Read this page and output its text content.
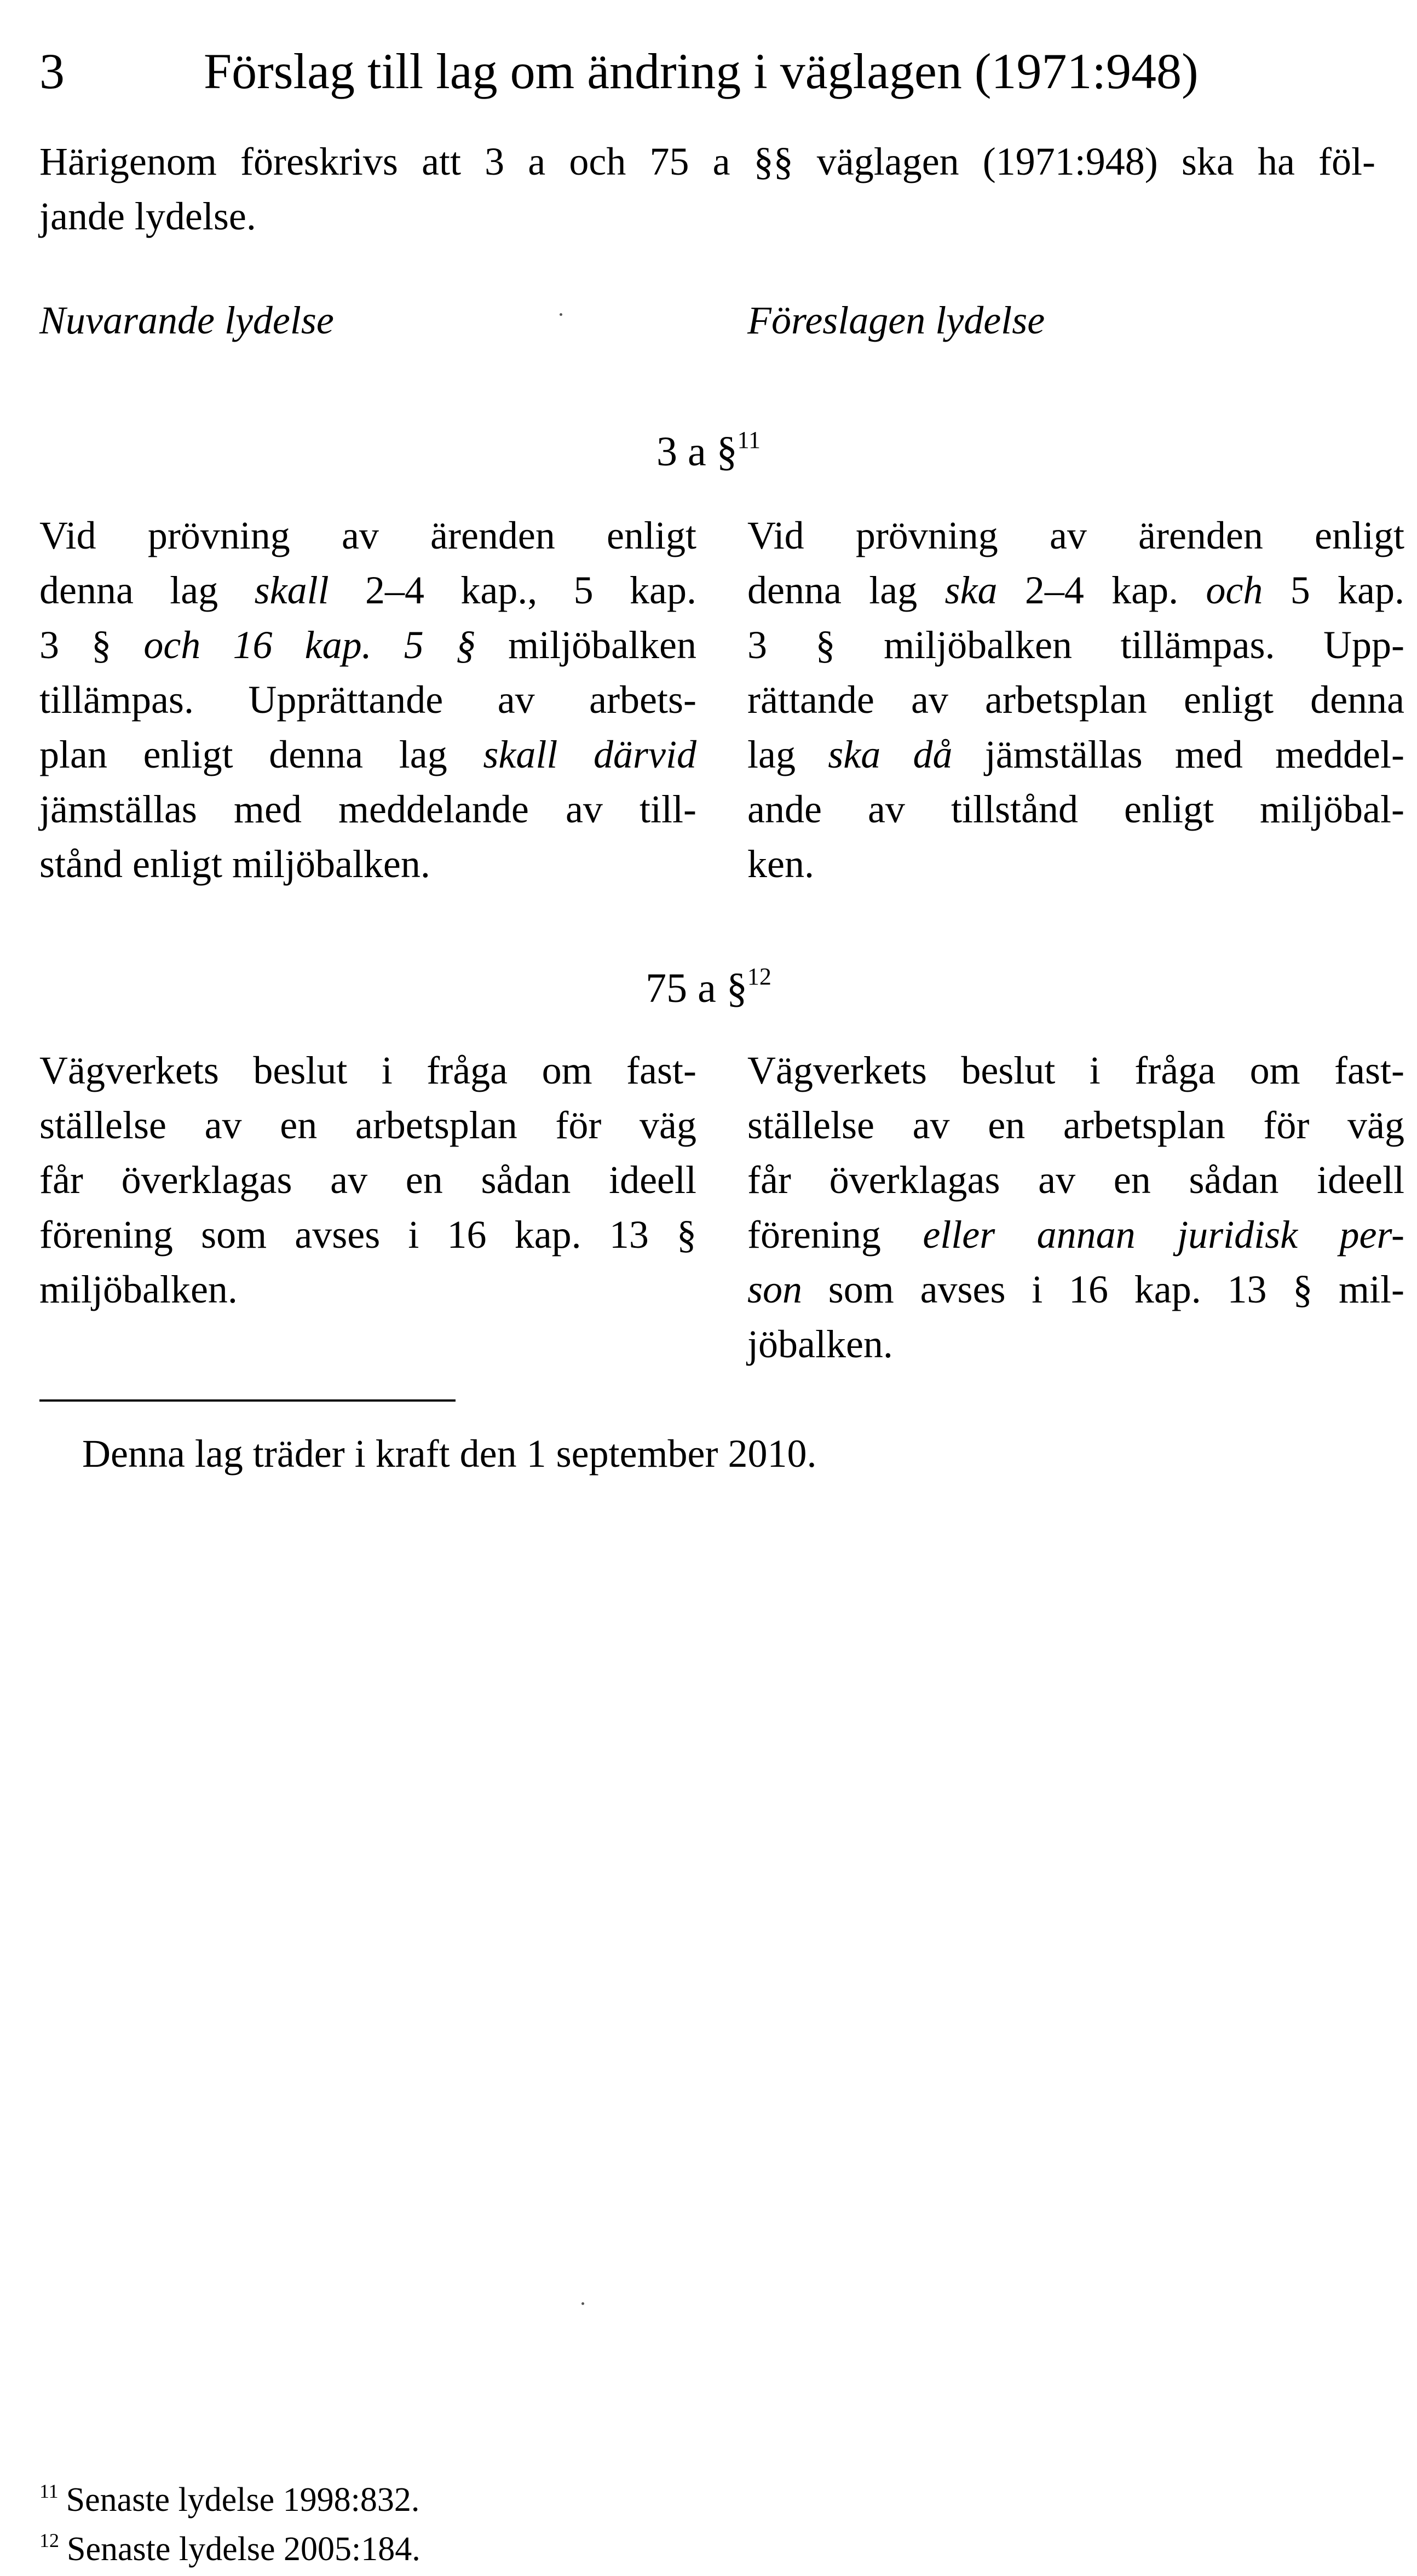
3	Förslag till lag om ändring i väglagen (1971:948)
Härigenom föreskrivs att 3 a och 75 a §§ väglagen (1971:948) ska ha föl-
jande lydelse.
Nuvarande lydelse	Föreslagen lydelse
3 a §$^{11}$
Vid prövning av ärenden enligt
denna lag skall 2–4 kap., 5 kap.
3 § och 16 kap. 5 § miljöbalken
tillämpas. Upprättande av arbets-
plan enligt denna lag skall därvid
jämställas med meddelande av till-
stånd enligt miljöbalken.
Vid prövning av ärenden enligt
denna lag ska 2–4 kap. och 5 kap.
3 § miljöbalken tillämpas. Upp-
rättande av arbetsplan enligt denna
lag ska då jämställas med meddel-
ande av tillstånd enligt miljöbal-
ken.
75 a §$^{12}$
Vägverkets beslut i fråga om fast-
ställelse av en arbetsplan för väg
får överklagas av en sådan ideell
förening som avses i 16 kap. 13 §
miljöbalken.
Vägverkets beslut i fråga om fast-
ställelse av en arbetsplan för väg
får överklagas av en sådan ideell
förening eller annan juridisk per-
son som avses i 16 kap. 13 § mil-
jöbalken.
Denna lag träder i kraft den 1 september 2010.
$^{11}$ Senaste lydelse 1998:832.
$^{12}$ Senaste lydelse 2005:184.
